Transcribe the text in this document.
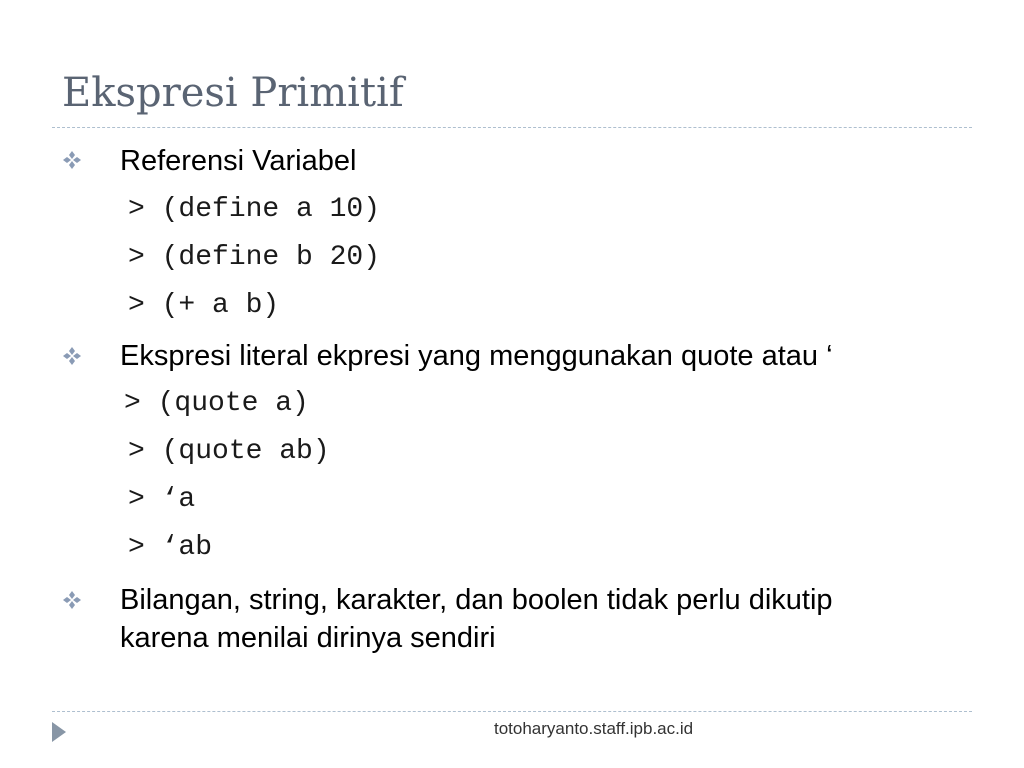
Ekspresi Primitif
Referensi Variabel
> (define a 10)
> (define b 20)
> (+ a b)
Ekspresi literal ekpresi yang menggunakan quote atau ‘
> (quote a)
> (quote ab)
> ‘a
> ‘ab
Bilangan, string, karakter, dan boolen tidak perlu dikutip
karena menilai dirinya sendiri
totoharyanto.staff.ipb.ac.id
